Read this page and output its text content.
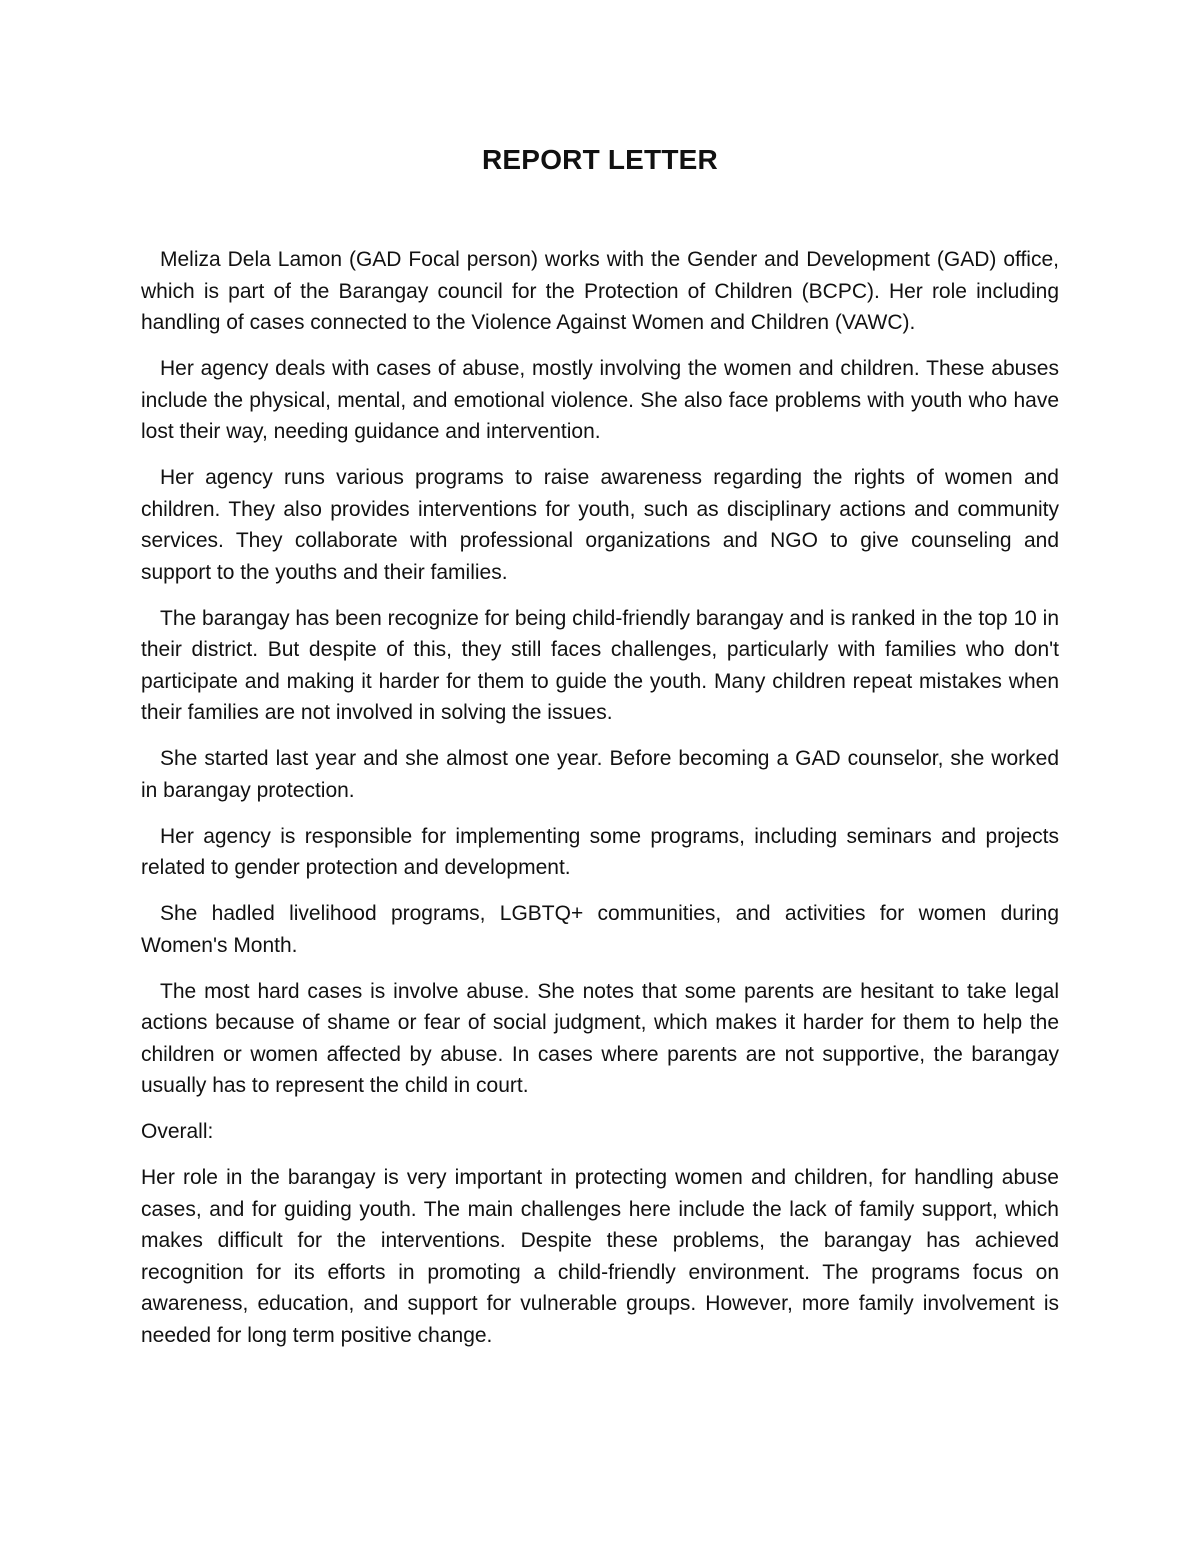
REPORT LETTER

Meliza Dela Lamon (GAD Focal person) works with the Gender and Development (GAD) office, which is part of the Barangay council for the Protection of Children (BCPC). Her role including handling of cases connected to the Violence Against Women and Children (VAWC).

Her agency deals with cases of abuse, mostly involving the women and children. These abuses include the physical, mental, and emotional violence. She also face problems with youth who have lost their way, needing guidance and intervention.

Her agency runs various programs to raise awareness regarding the rights of women and children. They also provides interventions for youth, such as disciplinary actions and community services. They collaborate with professional organizations and NGO to give counseling and support to the youths and their families.

The barangay has been recognize for being child-friendly barangay and is ranked in the top 10 in their district. But despite of this, they still faces challenges, particularly with families who don't participate and making it harder for them to guide the youth. Many children repeat mistakes when their families are not involved in solving the issues.

She started last year and she almost one year. Before becoming a GAD counselor, she worked in barangay protection.

Her agency is responsible for implementing some programs, including seminars and projects related to gender protection and development.

She hadled livelihood programs, LGBTQ+ communities, and activities for women during Women's Month.

The most hard cases is involve abuse. She notes that some parents are hesitant to take legal actions because of shame or fear of social judgment, which makes it harder for them to help the children or women affected by abuse. In cases where parents are not supportive, the barangay usually has to represent the child in court.

Overall:

Her role in the barangay is very important in protecting women and children, for handling abuse cases, and for guiding youth. The main challenges here include the lack of family support, which makes difficult for the interventions. Despite these problems, the barangay has achieved recognition for its efforts in promoting a child-friendly environment. The programs focus on awareness, education, and support for vulnerable groups. However, more family involvement is needed for long term positive change.
